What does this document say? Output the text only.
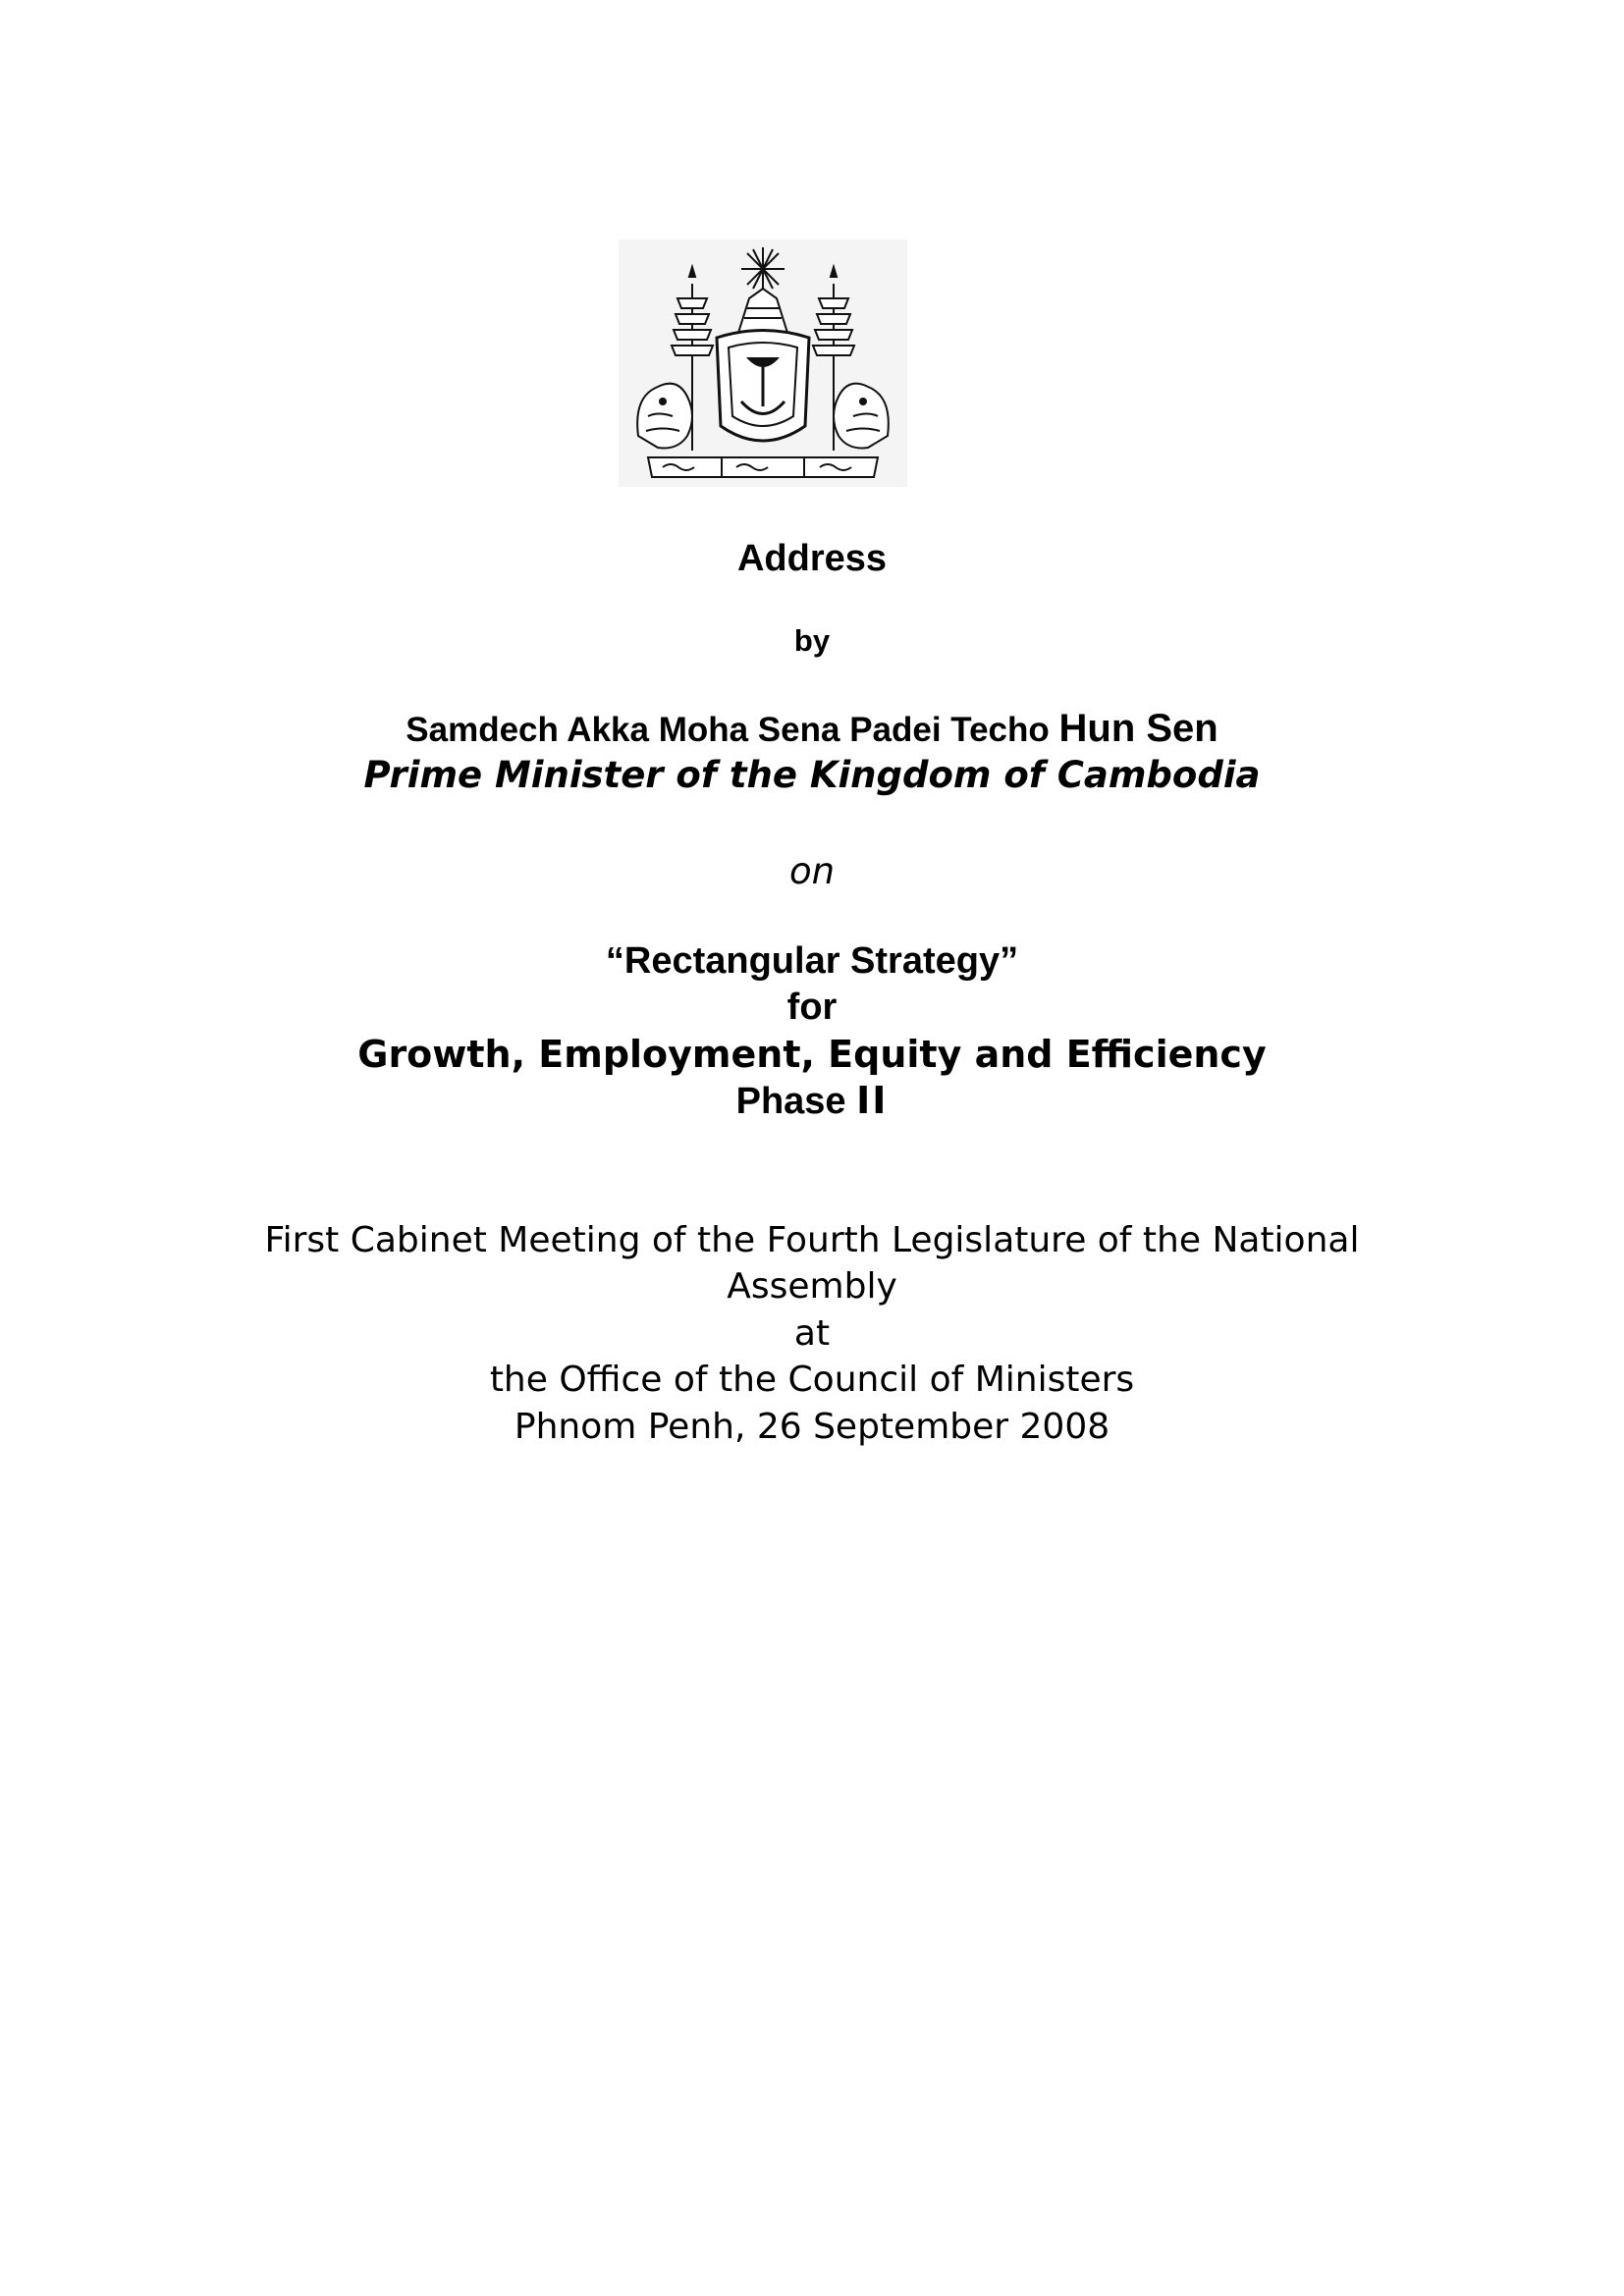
Address
by
Samdech Akka Moha Sena Padei Techo Hun Sen
Prime Minister of the Kingdom of Cambodia
on
“Rectangular Strategy”
for
Growth, Employment, Equity and Efficiency
Phase II
First Cabinet Meeting of the Fourth Legislature of the National
Assembly
at
the Office of the Council of Ministers
Phnom Penh, 26 September 2008
